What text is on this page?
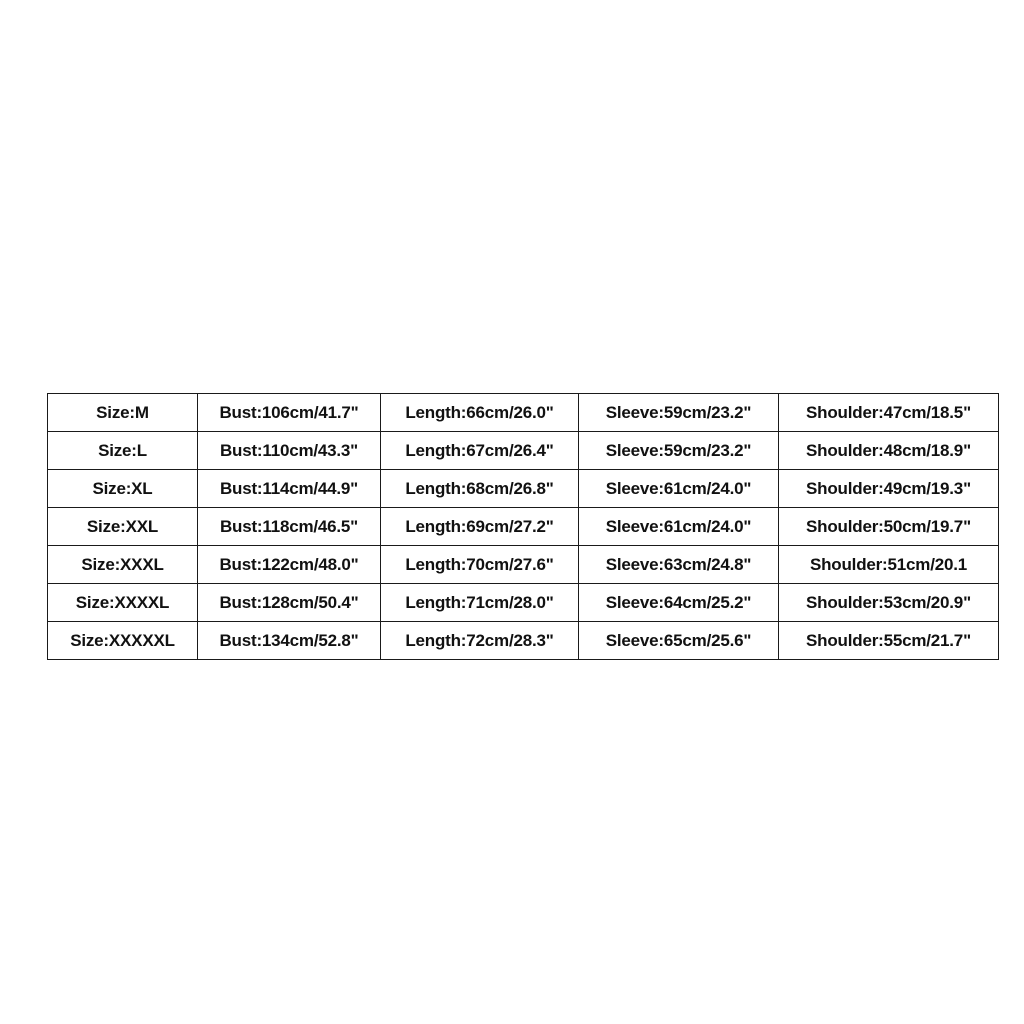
Size:M	Bust:106cm/41.7"	Length:66cm/26.0"	Sleeve:59cm/23.2"	Shoulder:47cm/18.5"
Size:L	Bust:110cm/43.3"	Length:67cm/26.4"	Sleeve:59cm/23.2"	Shoulder:48cm/18.9"
Size:XL	Bust:114cm/44.9"	Length:68cm/26.8"	Sleeve:61cm/24.0"	Shoulder:49cm/19.3"
Size:XXL	Bust:118cm/46.5"	Length:69cm/27.2"	Sleeve:61cm/24.0"	Shoulder:50cm/19.7"
Size:XXXL	Bust:122cm/48.0"	Length:70cm/27.6"	Sleeve:63cm/24.8"	Shoulder:51cm/20.1
Size:XXXXL	Bust:128cm/50.4"	Length:71cm/28.0"	Sleeve:64cm/25.2"	Shoulder:53cm/20.9"
Size:XXXXXL	Bust:134cm/52.8"	Length:72cm/28.3"	Sleeve:65cm/25.6"	Shoulder:55cm/21.7"
